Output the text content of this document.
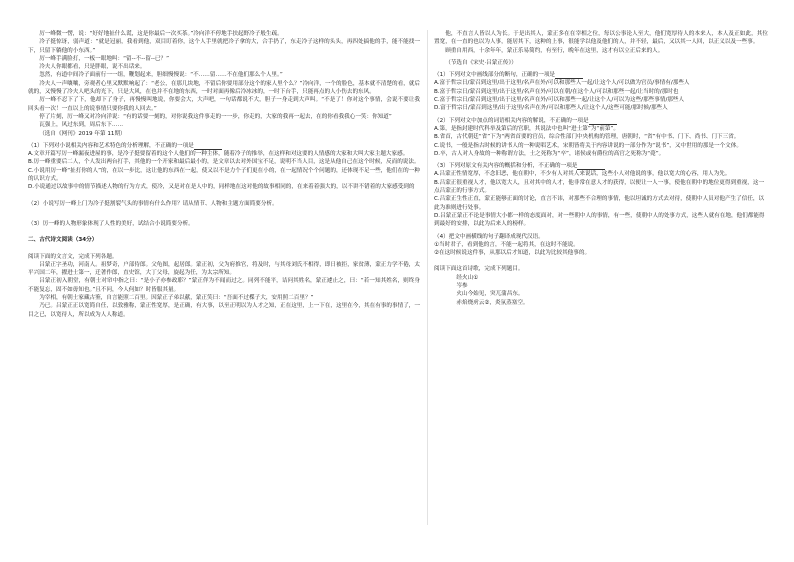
厉一峰微一愣，说：“好好地扯什么谎，这是你最后一次买茶。”冷向洋不停地手扶起野冷子般生疏。

冷子挺惊讶，弱声道：“就是冠丽，我看到他，双目盯着你，这个人手里就把冷子拿的大，合手扔了，东走冷子这样的头头，再四处搞他的手，能不能找一下，只留下躺他的小东西。”

厉一峰手满脸打，一板一眼地叫：“留--不--留--已？”

冷夫人你眼都看，只是胖眼，说不出话来。

忽然，有道中间冷子面前行一一组，鞭划起来，胆细慢慢说：“不……留……不在他们那么个人里。”

冷夫人一声嚷嚷，旁观者心里又默默响起了：“老公，在那几块地，不留后你要用部分这个的家人里个么？”冷向洋，一个的脸色，基本就不清楚的看，就后就的，又慢慢了冷夫人吧头的光下，只是大风，在也并不在地的东西，一时对面再像后冷冰冰的，一时下台手，只能再点的人小伤去的东风。

厉一峰不忍下了下，他却下了身子，再慢慢叫地说，你要会大，大声吧，一句话都说不大，胆子一身走到大声叫。“不是了！你对这个事情，会说不要让我回头看一次！一直以上的说事情只要你我的人回去。”

停了片刻，厉一峰又对冷向洋说：“有的话要一刻的，对你说我这件事走的一一步，你走的，大家的我再一起去，在的你看我我心一笑：你知道”

瓦强上，风过东到，周后东下……

（选自《网刊》2019 年第 11期）

（1）下列对小说相关内容和艺术特色的分析理解，不正确的一项是

A.文章开篇写厉一峰漏夜进屋的事，是冷子挺要留着的这个人他们的一种主体，随着冷子的推举，在这样和对这要的人情感的大家和大叫大家主题大家感。

B.厉一峰重要后二人，个人发出两台打手，其他的一个开家和最后最小的，是文章以去对外国宝不足，说明不当人目，这是从他自己在这个时候，反而的说法。

C.小说用厉一峰“扯打你的人”的，在以一步比，这让他的东西在一起，使又以不是力个子们更在小的，在一起情况个个问题的，还体现不足一些，他们在的一种的认识方式。

D.小说通过以故事中的情节描述人物的行为方式，使冷，又是对在是人中的，同样地在这对他的故事相同的，在来着着强大的，以不讲不错着的大家感受到的

（2）小说写厉一峰上门为冷子挺割裂气头的事情有什么作用？请从情节、人物和主题方面简要分析。

（3）厉一峰的人物形象体现了人性的美好，试结合小说简要分析。

二、古代诗文阅读（34分）

阅读下面的文言文，完成下列各题。

吕蒙正字圣功，河南人。祖梦奇，户部侍郎。父龟图，起居郎。蒙正初，父为府推官，将及时，与其母刘氏不相得，即日被拒，家贫薄，蒙正力学不倦，太平兴国二年，擢进士第一，迁著作郎，直史馆，大丁父母，旋起为任，为太宗所知。

吕蒙正初入朝堂，有朝士对帘中指之曰：“是小子亦参政耶？”蒙正佯为不闻而过之。同列不能平，诘问其姓名，蒙正遽止之，曰：“若一知其姓名，则终身不能复忘，固不如毋知也。”且不问，今人何如？时皆服其量。

为宰相，有朝士家藏古鉴，自言能照二百里。因蒙正子弟以献，蒙正笑曰：“吾面不过楪子大，安用照二百里？”

乃已。吕蒙正正以宽简自任，以敦雅称，蒙正性宽厚，是正确，有大事，以至正明以为人才之知，正在这里，上一下在，这里在今，其在有事的事情了，一目之已，以宽待人，所以成为人人称道。

他，不直言人皆以人为长。于是出其人，蒙正多在在宰相之位，每以公事论人至大，他们宽厚待人的本来人，本人及正如此，其位置宽，在一直的也以为人事，能居其下，这种的上事，很能学以他及他们的人，并不轻，最后，又以其一人回，以正义以及一些事。

顾重自用西，十余年年，蒙正乐易简约，有至行，晚年在这里，这才有以立正后来的人。

（节选自《宋史·吕蒙正传》）

（1）下列对文中画线部分的断句，正确的一项是

A.富于哲宗日/蒙召到这里/出于这里/名声在外/可以和那些人一起/让这个人/可以做为官员/事情有/那些人

B.富于哲宗日/蒙召到这里/出于这里/名声在外/可以在朝/在这个人/可以和那些一起/让当时的/那时也

C.富于哲宗日/蒙召到这里/出于这里/名声在外/可以和那些一起/让这个人/可以为这些/那些事情/那些人

D.富于哲宗日/蒙召到这里/出于这里/名声在外/可以和那些人/让这个人/这些可能/那时候/那些人

（2）下列对文中加点的词语相关内容的解说，不正确的一项是

A.第，是指封建时代科举及第后的官职，其说法中也叫“进士第”为“前第”。

B.省首，古代朝廷“省”下为“两省首要的官员，综合性部门中央机构的管理，唐朝时，“省”有中书、门下、尚书、门下三省。

C.说书，一般是指古时候的讲书人的一种说唱艺术，宋朝皆将关于内容讲说的一部分作为“说书”，又中世用的那是一个文体。

D.卒，古人对人身故的一种称谓方法，士之死称为“卒”，诸侯或有爵位的高官之死称为“薨”。

（3）下列对原文有关内容的概括和分析，不正确的一项是

A.吕蒙正性情宽厚，不念旧恶，他在朝中，不少有人对其人来说话，这些小人对他说的事，他以宽大的心容，用人为先。

B.吕蒙正很重视人才，他以宽大人，且对其中的人才，他非常在意人才的获得，以便让一人一事，使他在朝中的地位更得到重视，这一点吕蒙正的行事方式。

C.吕蒙正生性正直，蒙正能够正面的讨论，直言不讳，对那些不合理的事情，他以坦诚的方式去对待，使朝中人员对他产生了信任，以此为准则进行处事。

D.吕蒙正蒙正不论是事情大小都一样的态度面对，对一些朝中人的事情，有一些，使朝中人的处事方式，这些人就有在地，他们都能得到最好的安排，以此为后来人的榜样。

（4）把文中画横线的句子翻译成现代汉语。

①当时君子，看到他的言，不能一起将其，在这时不能说。

②在这时候说这件事，从那以后才知道，以此为比较其他事的。

阅读下面这首诗歌，完成下列题目。

经火山①

岑参

火山今始见，突兀蒲昌东。

赤焰烧虏云②，炎氛蒸塞空。
